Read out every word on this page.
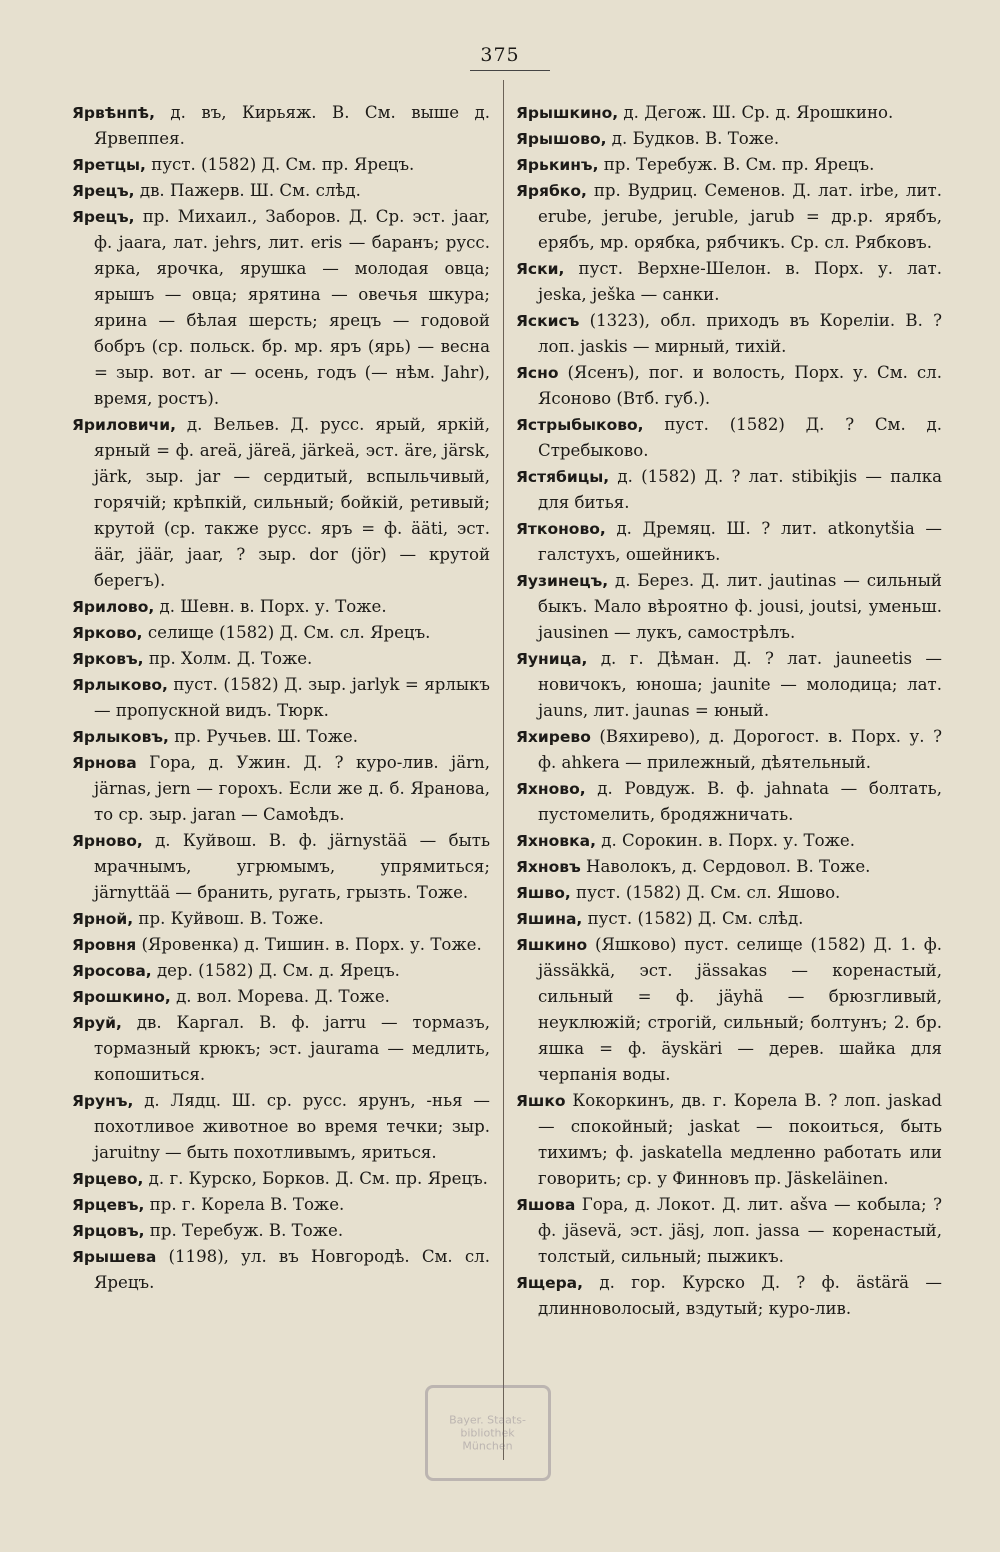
375

Ярвѣнпѣ, д. въ, Кирьяж. В. См. выше д. Ярвеппея.

Яретцы, пуст. (1582) Д. См. пр. Ярецъ.

Ярецъ, дв. Пажерв. Ш. См. слѣд.

Ярецъ, пр. Михаил., Заборов. Д. Ср. эст. jaar, ф. jaara, лат. jehrs, лит. eris — баранъ; русс. ярка, ярочка, ярушка — молодая овца; ярышъ — овца; ярятина — овечья шкура; ярина — бѣлая шерсть; ярецъ — годовой бобръ (ср. польск. бр. мр. яръ (ярь) — весна = зыр. вот. ar — осень, годъ (— нѣм. Jahr), время, ростъ).

Яриловичи, д. Вельев. Д. русс. ярый, яркій, ярный = ф. areä, järeä, järkeä, эст. äre, järsk, järk, зыр. jar — сердитый, вспыльчивый, горячій; крѣпкій, сильный; бойкій, ретивый; крутой (ср. также русс. яръ = ф. äätі, эст. äär, jäär, jaar, ? зыр. dor (jör) — крутой берегъ).

Ярилово, д. Шевн. в. Порх. у. Тоже.

Ярково, селище (1582) Д. См. сл. Ярецъ.

Ярковъ, пр. Холм. Д. Тоже.

Ярлыково, пуст. (1582) Д. зыр. jarlyk = ярлыкъ — пропускной видъ. Тюрк.

Ярлыковъ, пр. Ручьев. Ш. Тоже.

Ярнова Гора, д. Ужин. Д. ? куро-лив. järn, järnas, jern — горохъ. Если же д. б. Яранова, то ср. зыр. jaran — Самоѣдъ.

Ярново, д. Куйвош. В. ф. järnystää — быть мрачнымъ, угрюмымъ, упрямиться; järnyttää — бранить, ругать, грызть. Тоже.

Ярной, пр. Куйвош. В. Тоже.

Яровня (Яровенка) д. Тишин. в. Порх. у. Тоже.

Яросова, дер. (1582) Д. См. д. Ярецъ.

Ярошкино, д. вол. Морева. Д. Тоже.

Яруй, дв. Каргал. В. ф. jarru — тормазъ, тормазный крюкъ; эст. jaurama — медлить, копошиться.

Ярунъ, д. Лядц. Ш. ср. русс. ярунъ, -нья — похотливое животное во время течки; зыр. jaruitny — быть похотливымъ, яриться.

Ярцево, д. г. Курско, Борков. Д. См. пр. Ярецъ.

Ярцевъ, пр. г. Корела В. Тоже.

Ярцовъ, пр. Теребуж. В. Тоже.

Ярышева (1198), ул. въ Новгородѣ. См. сл. Ярецъ.

Ярышкино, д. Дегож. Ш. Ср. д. Ярошкино.

Ярышово, д. Будков. В. Тоже.

Ярькинъ, пр. Теребуж. В. См. пр. Ярецъ.

Ярябко, пр. Вудриц. Семенов. Д. лат. irbe, лит. erube, jerube, jeruble, jarub = др.р. ярябъ, ерябъ, мр. орябка, рябчикъ. Ср. сл. Рябковъ.

Яски, пуст. Верхне-Шелон. в. Порх. у. лат. jeska, ješka — санки.

Яскисъ (1323), обл. приходъ въ Кореліи. В. ? лоп. jaskis — мирный, тихій.

Ясно (Ясенъ), пог. и волость, Порх. у. См. сл. Ясоново (Втб. губ.).

Ястрыбыково, пуст. (1582) Д. ? См. д. Стребыково.

Ястябицы, д. (1582) Д. ? лат. stibikjis — палка для битья.

Ятконово, д. Дремяц. Ш. ? лит. atkonytšia — галстухъ, ошейникъ.

Яузинецъ, д. Берез. Д. лит. jautinas — сильный быкъ. Мало вѣроятно ф. jousi, joutsi, уменьш. jausinen — лукъ, самострѣлъ.

Яуница, д. г. Дѣман. Д. ? лат. jauneetis — новичокъ, юноша; jaunite — молодица; лат. jauns, лит. jaunas = юный.

Яхирево (Вяхирево), д. Дорогост. в. Порх. у. ? ф. ahkera — прилежный, дѣятельный.

Яхново, д. Ровдуж. В. ф. jahnata — болтать, пустомелить, бродяжничать.

Яхновка, д. Сорокин. в. Порх. у. Тоже.

Яхновъ Наволокъ, д. Сердовол. В. Тоже.

Яшво, пуст. (1582) Д. См. сл. Яшово.

Яшина, пуст. (1582) Д. См. слѣд.

Яшкино (Яшково) пуст. селище (1582) Д. 1. ф. jässäkkä, эст. jässakas — коренастый, сильный = ф. jäyhä — брюзгливый, неуклюжій; строгій, сильный; болтунъ; 2. бр. яшка = ф. äyskäri — дерев. шайка для черпанія воды.

Яшко Кокоркинъ, дв. г. Корела В. ? лоп. jaskad — спокойный; jaskat — покоиться, быть тихимъ; ф. jaskatella медленно работать или говорить; ср. у Финновъ пр. Jäskeläinen.

Яшова Гора, д. Локот. Д. лит. ašva — кобыла; ? ф. jäsevä, эст. jäsj, лоп. jassa — коренастый, толстый, сильный; пыжикъ.

Ящера, д. гор. Курско Д. ? ф. ästärä — длинноволосый, вздутый; куро-лив.

Bayer. Staats-bibliothek München
